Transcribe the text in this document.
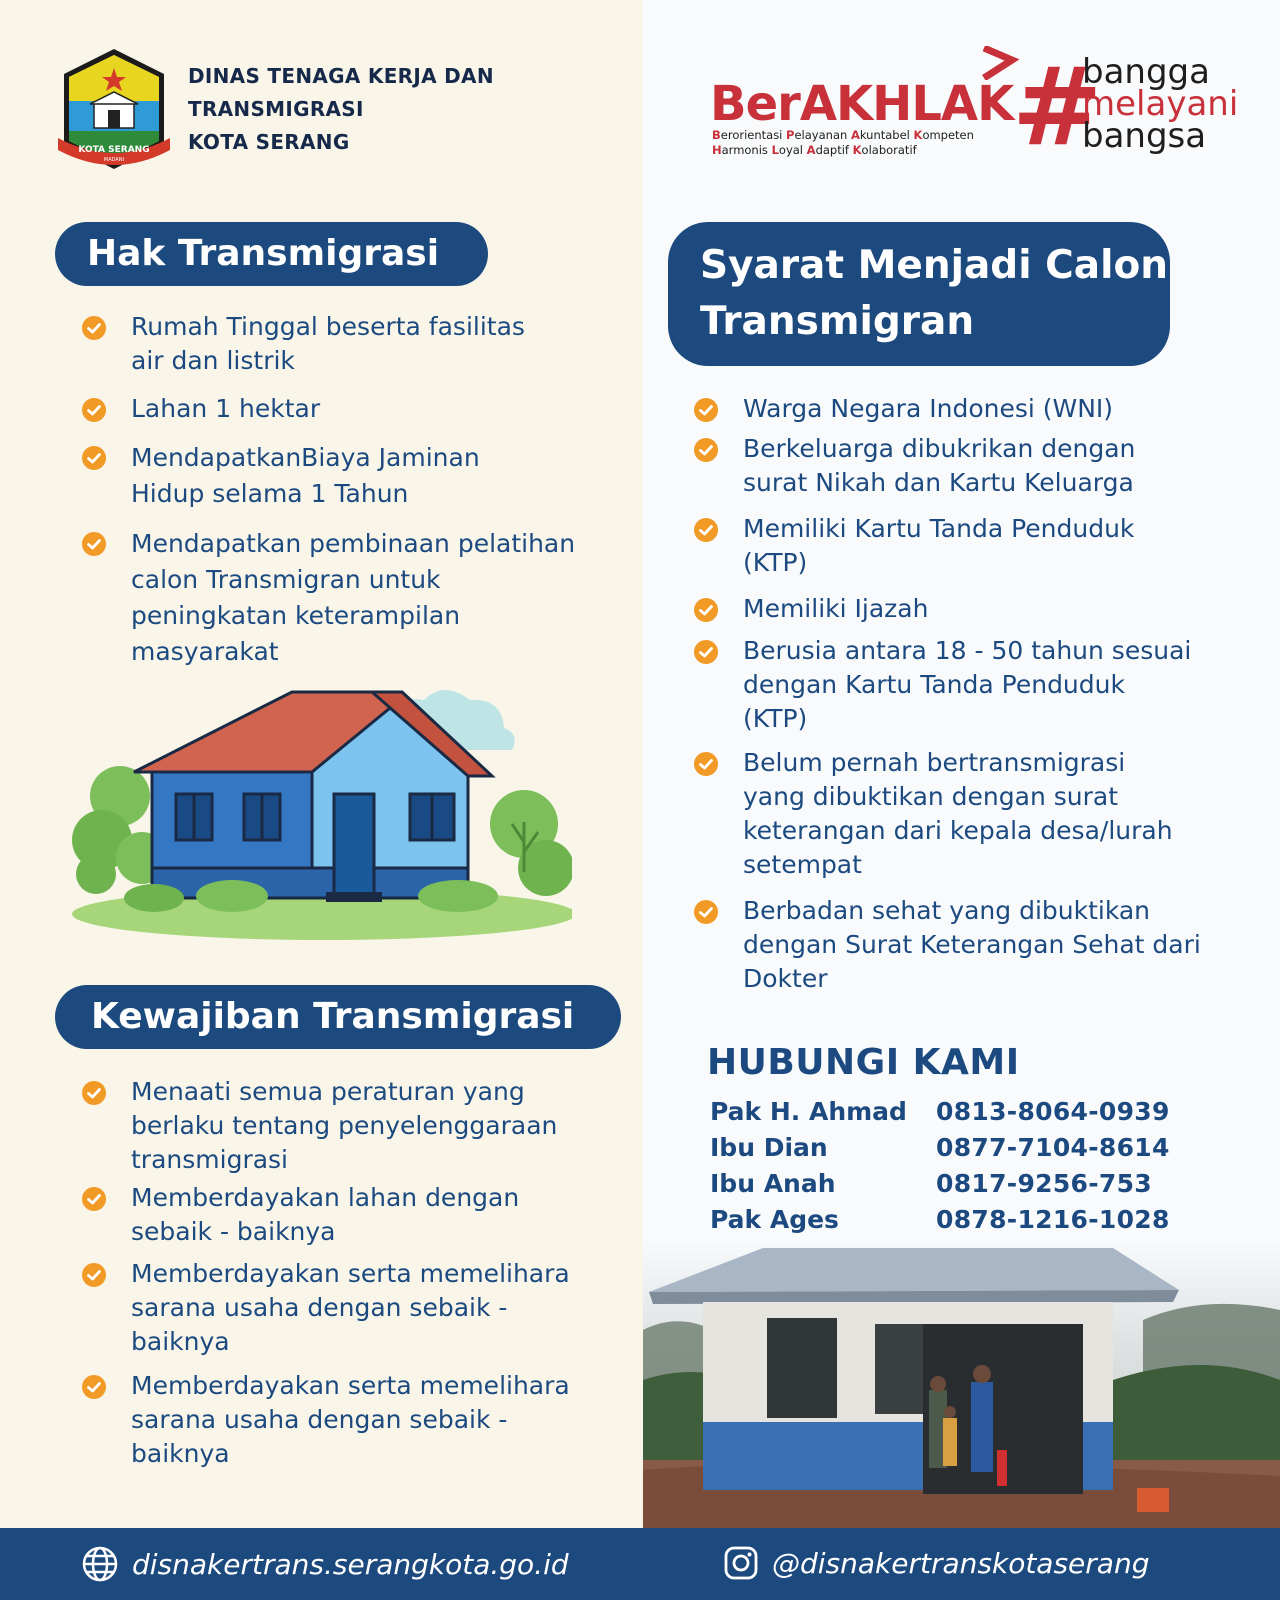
KOTA SERANG
MADANI
DINAS TENAGA KERJA DAN
TRANSMIGRASI
KOTA SERANG
BerAKHLAK
Berorientasi Pelayanan Akuntabel Kompeten
Harmonis Loyal Adaptif Kolaboratif #
bangga
melayani
bangsa
Hak Transmigrasi
Rumah Tinggal beserta fasilitas
air dan listrik
Lahan 1 hektar
MendapatkanBiaya Jaminan
Hidup selama 1 Tahun
Mendapatkan pembinaan pelatihan
calon Transmigran untuk
peningkatan keterampilan
masyarakat
Kewajiban Transmigrasi
Menaati semua peraturan yang
berlaku tentang penyelenggaraan
transmigrasi
Memberdayakan lahan dengan
sebaik - baiknya
Memberdayakan serta memelihara
sarana usaha dengan sebaik -
baiknya
Memberdayakan serta memelihara
sarana usaha dengan sebaik -
baiknya
Syarat Menjadi Calon
Transmigran
Warga Negara Indonesi (WNI)
Berkeluarga dibukrikan dengan
surat Nikah dan Kartu Keluarga
Memiliki Kartu Tanda Penduduk
(KTP)
Memiliki Ijazah
Berusia antara 18 - 50 tahun sesuai
dengan Kartu Tanda Penduduk
(KTP)
Belum pernah bertransmigrasi
yang dibuktikan dengan surat
keterangan dari kepala desa/lurah
setempat
Berbadan sehat yang dibuktikan
dengan Surat Keterangan Sehat dari
Dokter
HUBUNGI KAMI
Pak H. Ahmad	0813-8064-0939
Ibu Dian	0877-7104-8614
Ibu Anah	0817-9256-753
Pak Ages	0878-1216-1028
disnakertrans.serangkota.go.id	@disnakertranskotaserang
